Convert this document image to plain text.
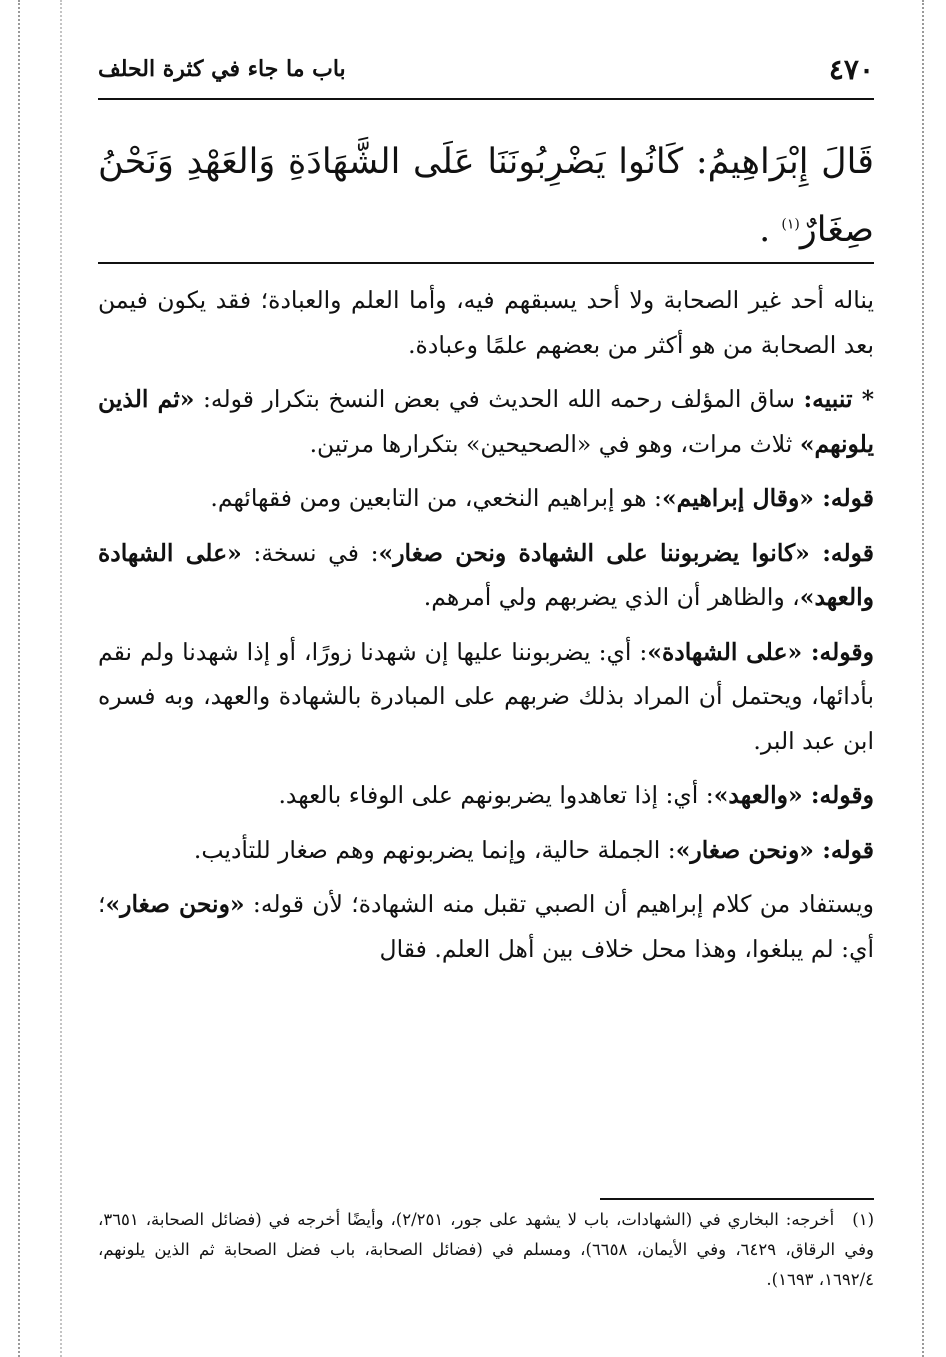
٤٧٠
باب ما جاء في كثرة الحلف
قَالَ إِبْرَاهِيمُ: كَانُوا يَضْرِبُونَنَا عَلَى الشَّهَادَةِ وَالعَهْدِ وَنَحْنُ صِغَارٌ$^{(١)}$ .

يناله أحد غير الصحابة ولا أحد يسبقهم فيه، وأما العلم والعبادة؛ فقد يكون فيمن بعد الصحابة من هو أكثر من بعضهم علمًا وعبادة.

* تنبيه: ساق المؤلف رحمه الله الحديث في بعض النسخ بتكرار قوله: «ثم الذين يلونهم» ثلاث مرات، وهو في «الصحيحين» بتكرارها مرتين.

قوله: «وقال إبراهيم»: هو إبراهيم النخعي، من التابعين ومن فقهائهم.

قوله: «كانوا يضربوننا على الشهادة ونحن صغار»: في نسخة: «على الشهادة والعهد»، والظاهر أن الذي يضربهم ولي أمرهم.

وقوله: «على الشهادة»: أي: يضربوننا عليها إن شهدنا زورًا، أو إذا شهدنا ولم نقم بأدائها، ويحتمل أن المراد بذلك ضربهم على المبادرة بالشهادة والعهد، وبه فسره ابن عبد البر.

وقوله: «والعهد»: أي: إذا تعاهدوا يضربونهم على الوفاء بالعهد.

قوله: «ونحن صغار»: الجملة حالية، وإنما يضربونهم وهم صغار للتأديب.

ويستفاد من كلام إبراهيم أن الصبي تقبل منه الشهادة؛ لأن قوله: «ونحن صغار»؛ أي: لم يبلغوا، وهذا محل خلاف بين أهل العلم. فقال

(١)أخرجه: البخاري في (الشهادات، باب لا يشهد على جور، ٢/٢٥١)، وأيضًا أخرجه في (فضائل الصحابة، ٣٦٥١، وفي الرقاق، ٦٤٢٩، وفي الأيمان، ٦٦٥٨)، ومسلم في (فضائل الصحابة، باب فضل الصحابة ثم الذين يلونهم، ١٦٩٢/٤، ١٦٩٣).
